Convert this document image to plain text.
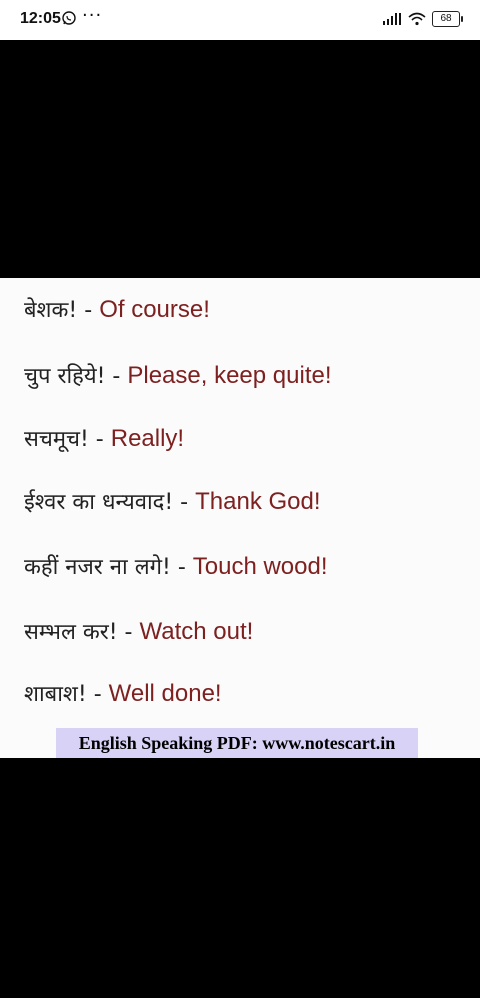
12:05 ···	68
बेशक! - Of course!
चुप रहिये! - Please, keep quite!
सचमूच! - Really!
ईश्वर का धन्यवाद! - Thank God!
कहीं नजर ना लगे! - Touch wood!
सम्भल कर! - Watch out!
शाबाश! - Well done!
English Speaking PDF: www.notescart.in
